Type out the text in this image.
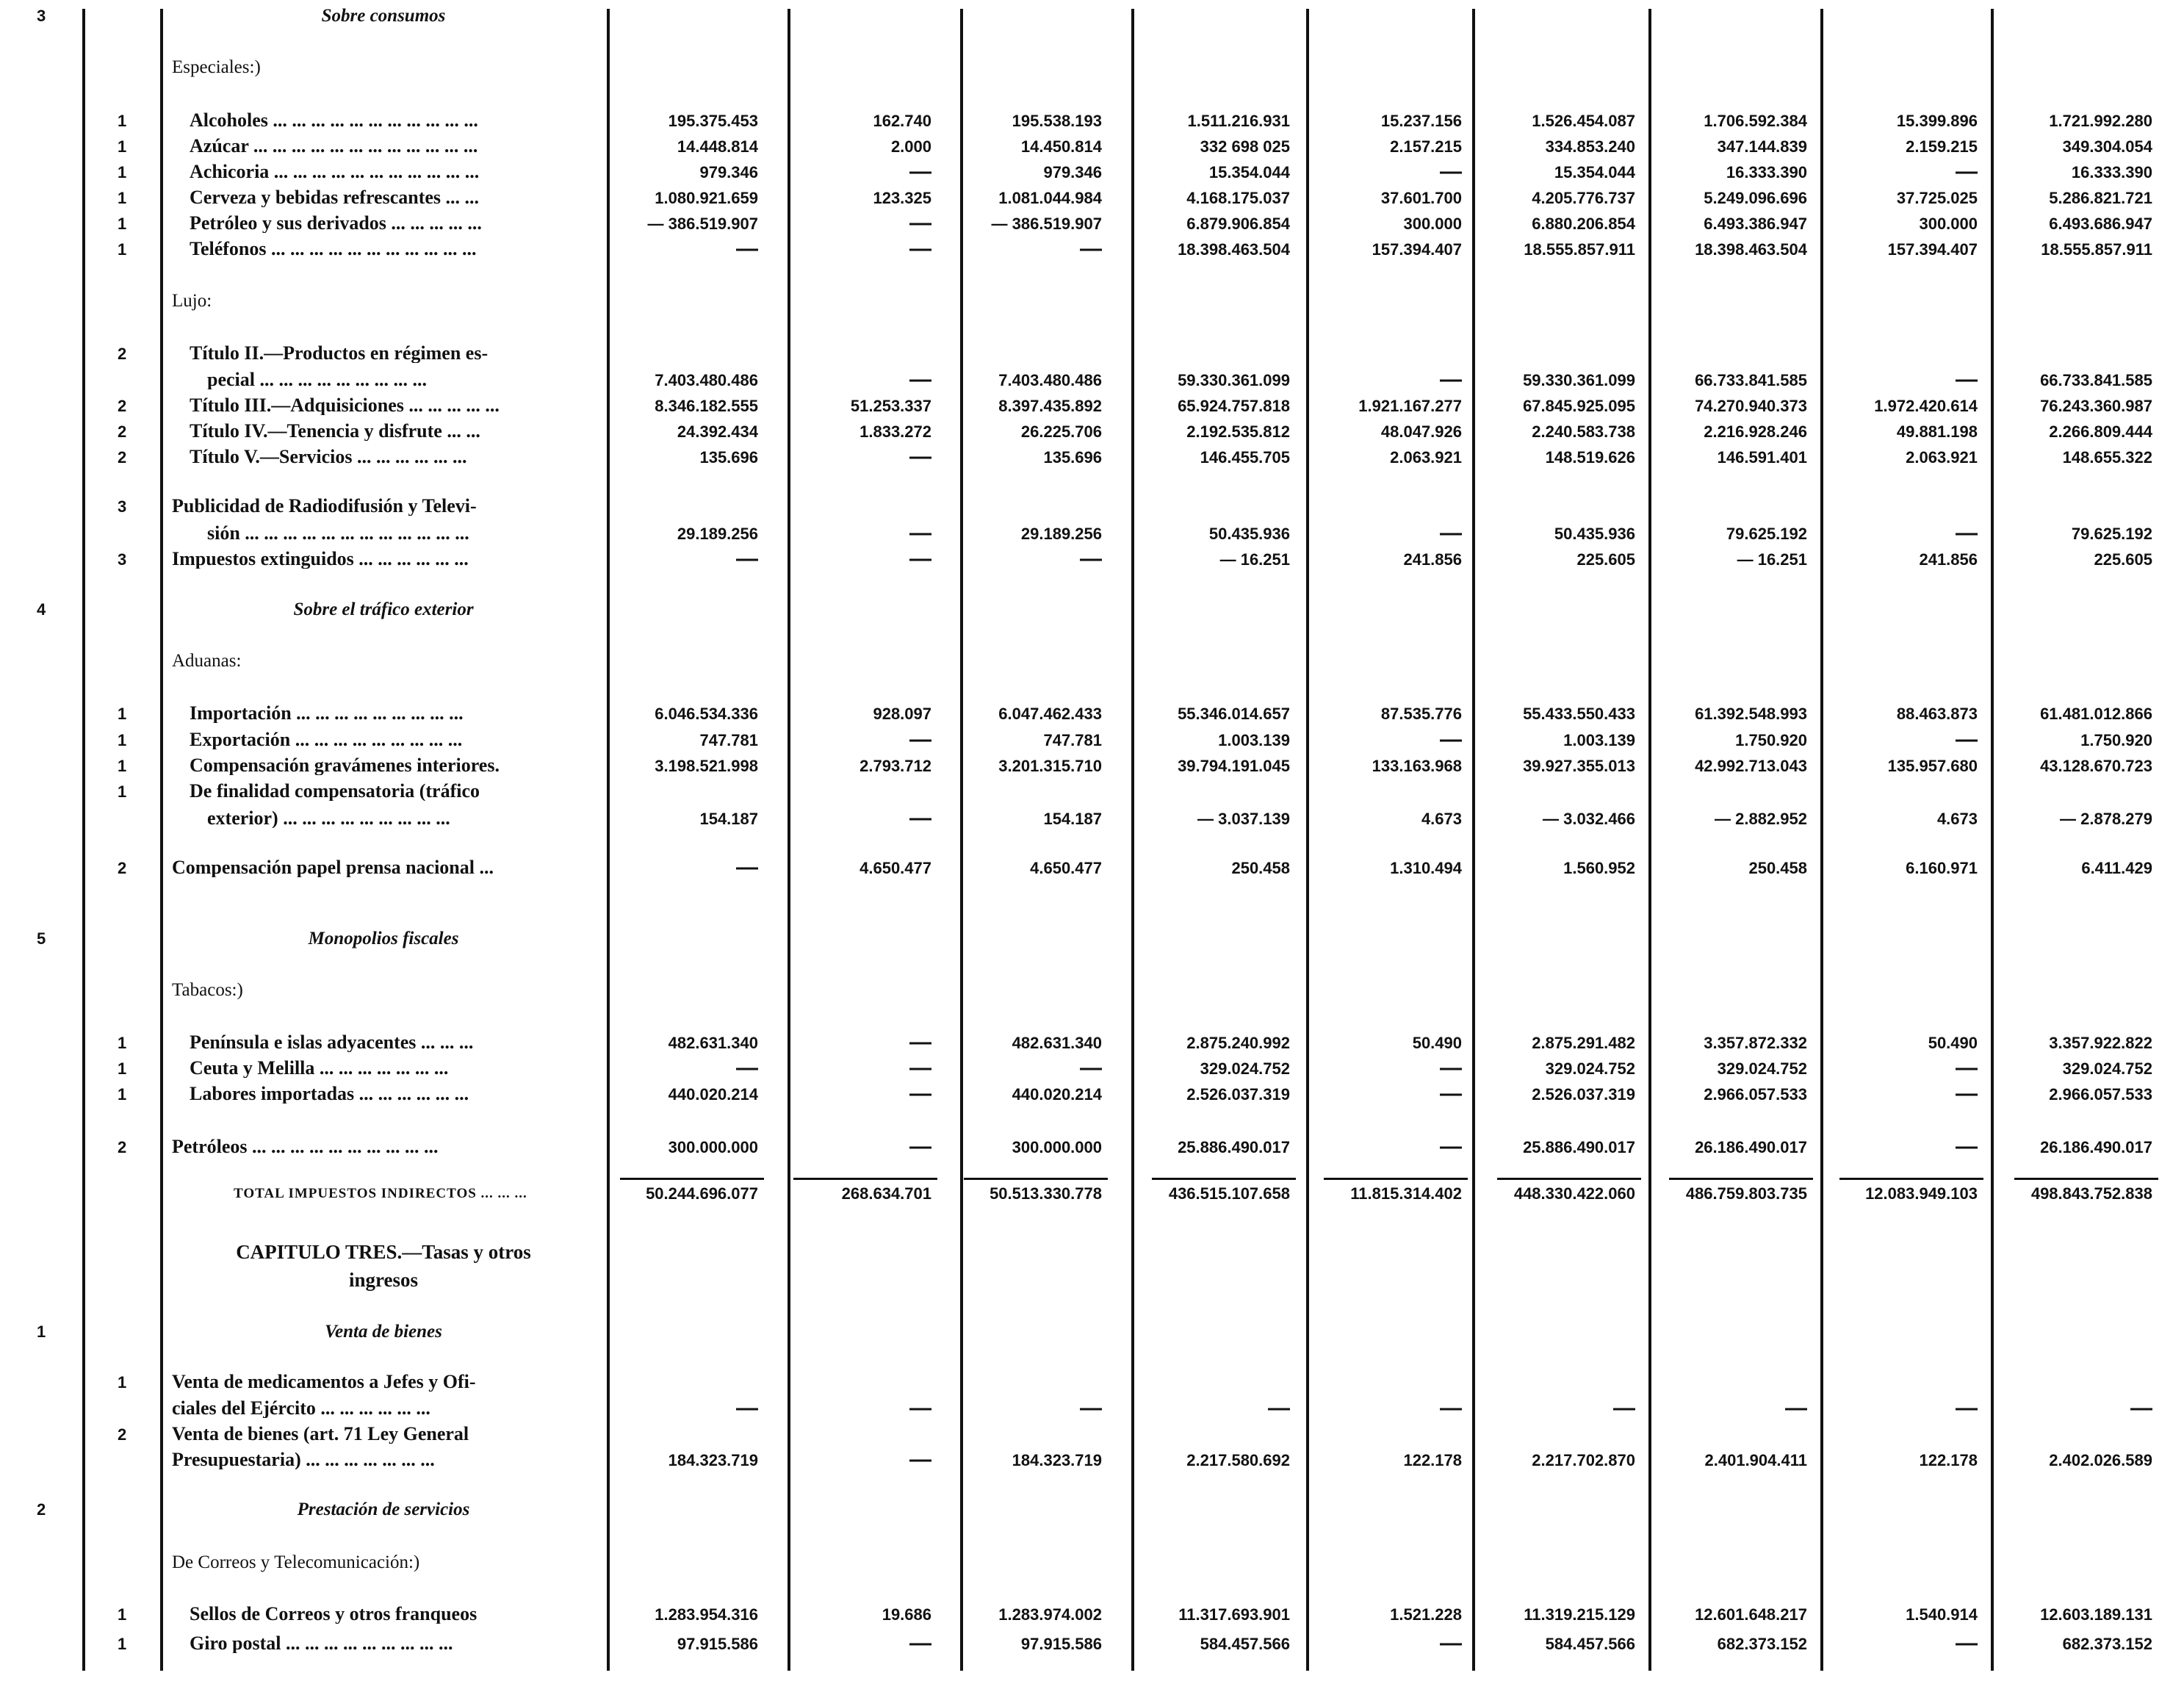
3	Sobre consumos
Especiales:)
1	Alcoholes ... ... ... ... ... ... ... ... ... ... ...	195.375.453	162.740	195.538.193	1.511.216.931	15.237.156	1.526.454.087	1.706.592.384	15.399.896	1.721.992.280
1	Azúcar ... ... ... ... ... ... ... ... ... ... ... ...	14.448.814	2.000	14.450.814	332 698 025	2.157.215	334.853.240	347.144.839	2.159.215	349.304.054
1	Achicoria ... ... ... ... ... ... ... ... ... ... ...	979.346	—	979.346	15.354.044	—	15.354.044	16.333.390	—	16.333.390
1	Cerveza y bebidas refrescantes ... ...	1.080.921.659	123.325	1.081.044.984	4.168.175.037	37.601.700	4.205.776.737	5.249.096.696	37.725.025	5.286.821.721
1	Petróleo y sus derivados ... ... ... ... ...	— 386.519.907	—	— 386.519.907	6.879.906.854	300.000	6.880.206.854	6.493.386.947	300.000	6.493.686.947
1	Teléfonos ... ... ... ... ... ... ... ... ... ... ...	—	—	—	18.398.463.504	157.394.407	18.555.857.911	18.398.463.504	157.394.407	18.555.857.911
Lujo:
2	Título II.—Productos en régimen es-
pecial ... ... ... ... ... ... ... ... ...	7.403.480.486	—	7.403.480.486	59.330.361.099	—	59.330.361.099	66.733.841.585	—	66.733.841.585
2	Título III.—Adquisiciones ... ... ... ... ...	8.346.182.555	51.253.337	8.397.435.892	65.924.757.818	1.921.167.277	67.845.925.095	74.270.940.373	1.972.420.614	76.243.360.987
2	Título IV.—Tenencia y disfrute ... ...	24.392.434	1.833.272	26.225.706	2.192.535.812	48.047.926	2.240.583.738	2.216.928.246	49.881.198	2.266.809.444
2	Título V.—Servicios ... ... ... ... ... ...	135.696	—	135.696	146.455.705	2.063.921	148.519.626	146.591.401	2.063.921	148.655.322
3 Publicidad de Radiodifusión y Televi-
sión ... ... ... ... ... ... ... ... ... ... ... ...	29.189.256	—	29.189.256	50.435.936	—	50.435.936	79.625.192	—	79.625.192
3 Impuestos extinguidos ... ... ... ... ... ...	—	—	—	— 16.251	241.856	225.605	— 16.251	241.856	225.605
4	Sobre el tráfico exterior
Aduanas:
1	Importación ... ... ... ... ... ... ... ... ...	6.046.534.336	928.097	6.047.462.433	55.346.014.657	87.535.776	55.433.550.433	61.392.548.993	88.463.873	61.481.012.866
1	Exportación ... ... ... ... ... ... ... ... ...	747.781	—	747.781	1.003.139	—	1.003.139	1.750.920	—	1.750.920
1	Compensación gravámenes interiores.	3.198.521.998	2.793.712	3.201.315.710	39.794.191.045	133.163.968	39.927.355.013	42.992.713.043	135.957.680	43.128.670.723
1	De finalidad compensatoria (tráfico
exterior) ... ... ... ... ... ... ... ... ...	154.187	—	154.187	— 3.037.139	4.673	— 3.032.466	— 2.882.952	4.673	— 2.878.279
2 Compensación papel prensa nacional ...	—	4.650.477	4.650.477	250.458	1.310.494	1.560.952	250.458	6.160.971	6.411.429
5	Monopolios fiscales
Tabacos:)
1	Península e islas adyacentes ... ... ...	482.631.340	—	482.631.340	2.875.240.992	50.490	2.875.291.482	3.357.872.332	50.490	3.357.922.822
1	Ceuta y Melilla ... ... ... ... ... ... ...	—	—	—	329.024.752	—	329.024.752	329.024.752	—	329.024.752
1	Labores importadas ... ... ... ... ... ...	440.020.214	—	440.020.214	2.526.037.319	—	2.526.037.319	2.966.057.533	—	2.966.057.533
2 Petróleos ... ... ... ... ... ... ... ... ... ...	300.000.000	—	300.000.000	25.886.490.017	—	25.886.490.017	26.186.490.017	—	26.186.490.017
TOTAL IMPUESTOS INDIRECTOS ... ... ...	50.244.696.077	268.634.701	50.513.330.778	436.515.107.658	11.815.314.402	448.330.422.060	486.759.803.735	12.083.949.103	498.843.752.838
CAPITULO TRES.—Tasas y otros
ingresos
1	Venta de bienes
1 Venta de medicamentos a Jefes y Ofi-
ciales del Ejército ... ... ... ... ... ...	—	—	—	—	—	—	—	—	—
2 Venta de bienes (art. 71 Ley General
Presupuestaria) ... ... ... ... ... ... ...	184.323.719	—	184.323.719	2.217.580.692	122.178	2.217.702.870	2.401.904.411	122.178	2.402.026.589
2	Prestación de servicios
De Correos y Telecomunicación:)
1	Sellos de Correos y otros franqueos	1.283.954.316	19.686	1.283.974.002	11.317.693.901	1.521.228	11.319.215.129	12.601.648.217	1.540.914	12.603.189.131
1	Giro postal ... ... ... ... ... ... ... ... ...	97.915.586	—	97.915.586	584.457.566	—	584.457.566	682.373.152	—	682.373.152
